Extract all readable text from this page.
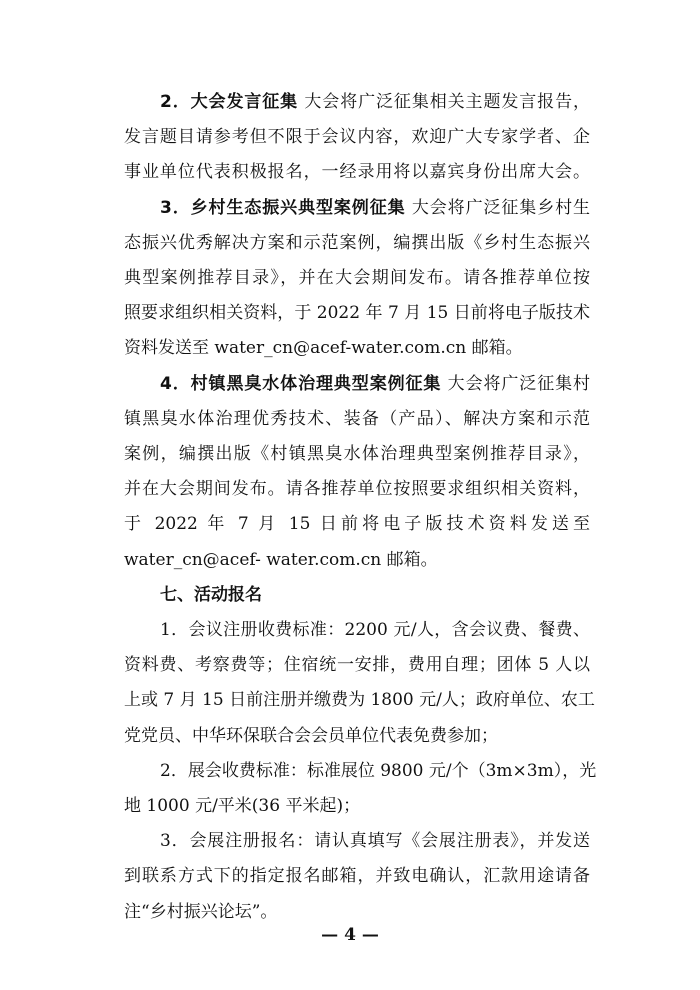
2．大会发言征集 大会将广泛征集相关主题发言报告，
发言题目请参考但不限于会议内容，欢迎广大专家学者、企
事业单位代表积极报名，一经录用将以嘉宾身份出席大会。
3．乡村生态振兴典型案例征集 大会将广泛征集乡村生
态振兴优秀解决方案和示范案例，编撰出版《乡村生态振兴
典型案例推荐目录》，并在大会期间发布。请各推荐单位按
照要求组织相关资料，于 2022 年 7 月 15 日前将电子版技术
资料发送至 water_cn@acef-water.com.cn 邮箱。
4．村镇黑臭水体治理典型案例征集 大会将广泛征集村
镇黑臭水体治理优秀技术、装备（产品）、解决方案和示范
案例，编撰出版《村镇黑臭水体治理典型案例推荐目录》，
并在大会期间发布。请各推荐单位按照要求组织相关资料，
于 2022 年 7 月 15 日前将电子版技术资料发送至
water_cn@acef- water.com.cn 邮箱。
七、活动报名
1．会议注册收费标准：2200 元/人，含会议费、餐费、
资料费、考察费等；住宿统一安排，费用自理；团体 5 人以
上或 7 月 15 日前注册并缴费为 1800 元/人；政府单位、农工
党党员、中华环保联合会会员单位代表免费参加；
2．展会收费标准：标准展位 9800 元/个（3m×3m），光
地 1000 元/平米(36 平米起)；
3．会展注册报名：请认真填写《会展注册表》，并发送
到联系方式下的指定报名邮箱，并致电确认，汇款用途请备
注“乡村振兴论坛”。
— 4 —
